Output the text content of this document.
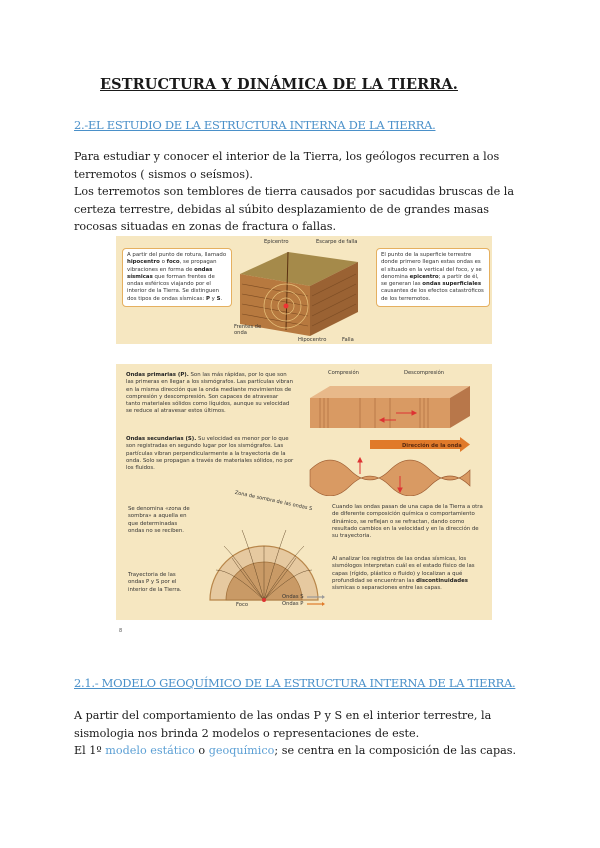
ESTRUCTURA Y DINÁMICA DE LA TIERRA.
2.-EL ESTUDIO DE LA ESTRUCTURA INTERNA DE LA TIERRA.
Para estudiar y conocer el interior de la Tierra, los geólogos recurren a los terremotos ( sismos o seísmos).
Los terremotos son temblores de tierra causados por sacudidas bruscas de la certeza terrestre, debidas al súbito desplazamiento de de grandes masas rocosas situadas en zonas de fractura o fallas.
A partir del punto de rotura, llamado hipocentro o foco, se propagan vibraciones en forma de ondas sísmicas que forman frentes de ondas esféricos viajando por el interior de la Tierra. Se distinguen dos tipos de ondas sísmicas: P y S.
Epicentro	Escarpe de falla
Frentes de onda
Hipocentro	Falla
El punto de la superficie terrestre donde primero llegan estas ondas es el situado en la vertical del foco, y se denomina epicentro; a partir de él, se generan las ondas superficiales causantes de los efectos catastróficos de los terremotos.
Ondas primarias (P). Son las más rápidas, por lo que son las primeras en llegar a los sismógrafos. Las partículas vibran en la misma dirección que la onda mediante movimientos de compresión y descompresión. Son capaces de atravesar tanto materiales sólidos como líquidos, aunque su velocidad se reduce al atravesar estos últimos.
Ondas secundarias (S). Su velocidad es menor por lo que son registradas en segundo lugar por los sismógrafos. Las partículas vibran perpendicularmente a la trayectoria de la onda. Solo se propagan a través de materiales sólidos, no por los fluidos.
Compresión	Descompresión
Dirección de la onda
Se denomina «zona de sombra» a aquella en que determinadas ondas no se reciben.
Trayectoria de las ondas P y S por el interior de la Tierra.
Zona de sombra de las ondas S
Foco
Ondas S
Ondas P
Cuando las ondas pasan de una capa de la Tierra a otra de diferente composición química o comportamiento dinámico, se reflejan o se refractan, dando como resultado cambios en la velocidad y en la dirección de su trayectoria.
Al analizar los registros de las ondas sísmicas, los sismólogos interpretan cuál es el estado físico de las capas (rígido, plástico o fluido) y localizan a qué profundidad se encuentran las discontinuidades sísmicas o separaciones entre las capas.
8
2.1.- MODELO GEOQUÍMICO DE LA ESTRUCTURA INTERNA DE LA TIERRA.
A partir del comportamiento de las ondas P y S en el interior terrestre, la sismologia nos brinda 2 modelos o representaciones de este.
El 1º modelo estático o geoquímico; se centra en la composición de las capas.
